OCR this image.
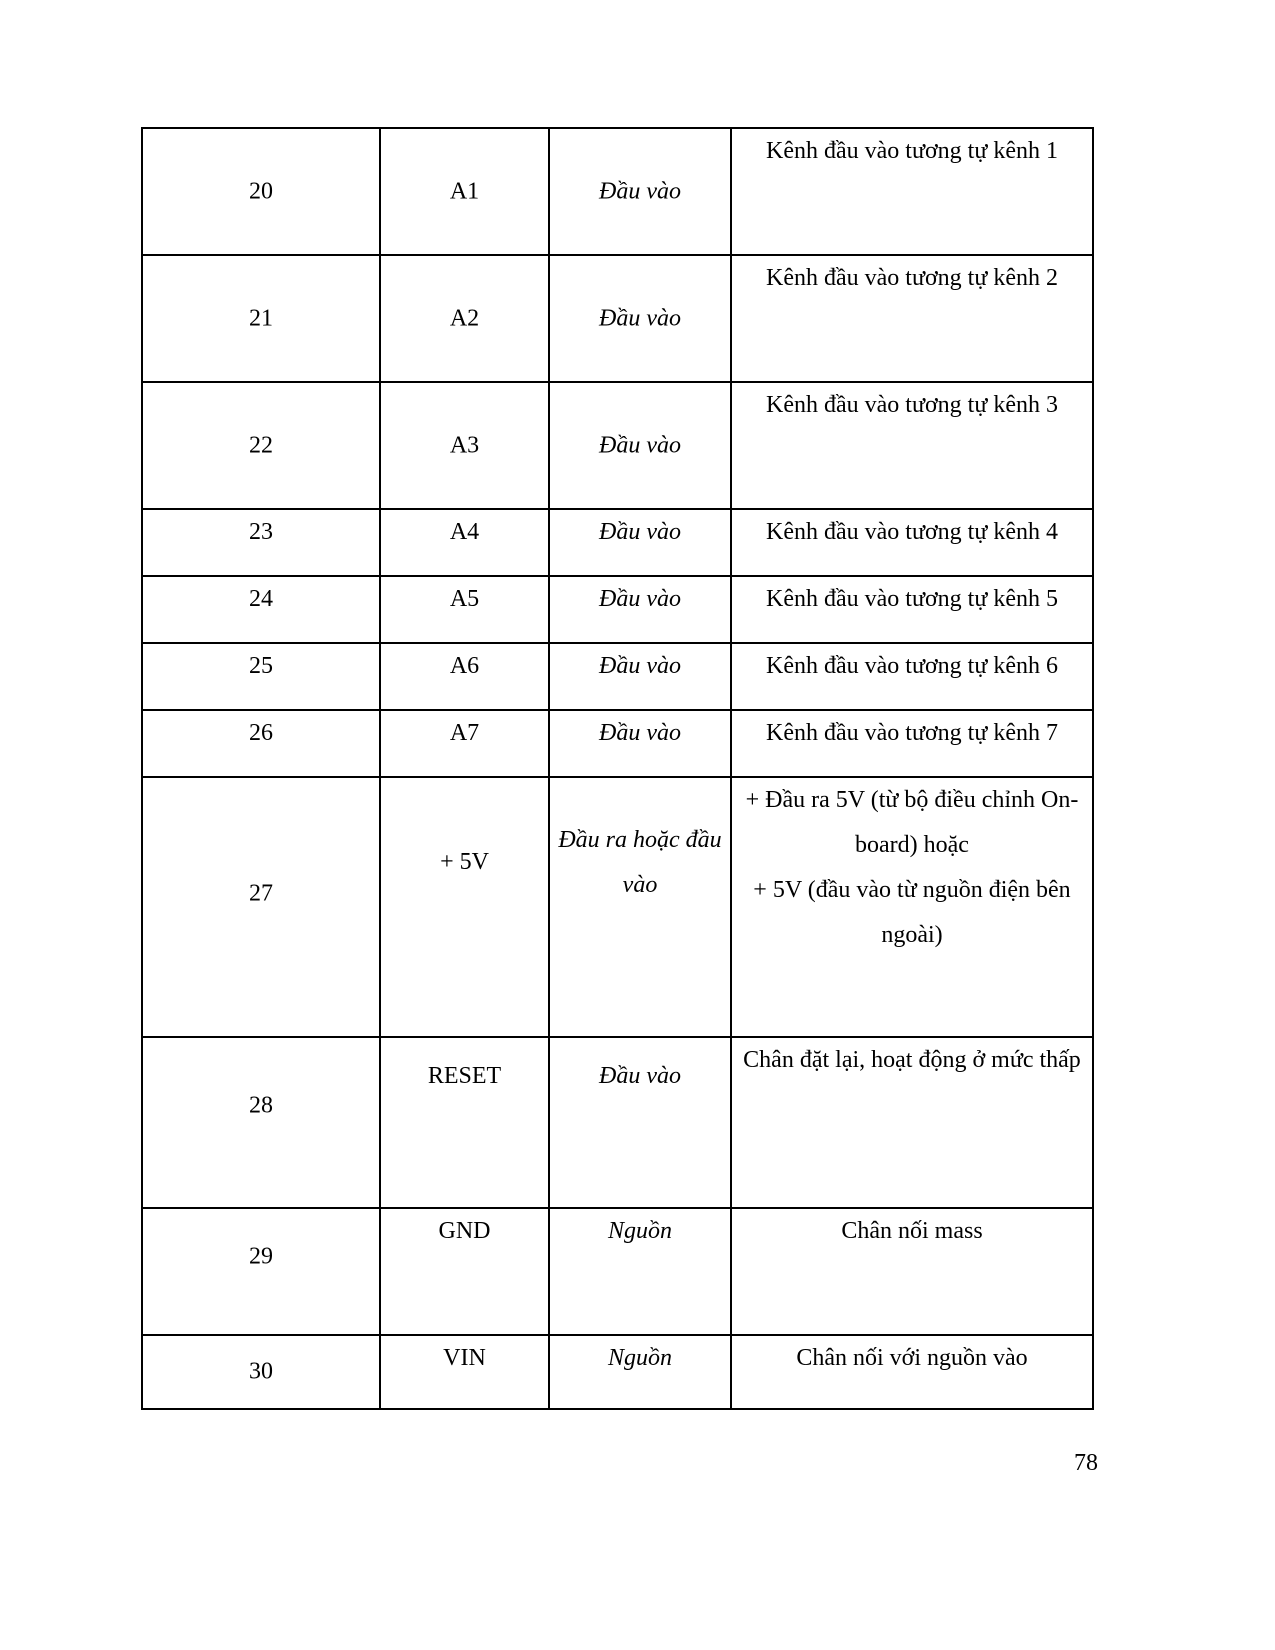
20	A1	Đầu vào	Kênh đầu vào tương tự kênh 1

21	A2	Đầu vào	Kênh đầu vào tương tự kênh 2

22	A3	Đầu vào	Kênh đầu vào tương tự kênh 3

23	A4	Đầu vào	Kênh đầu vào tương tự kênh 4

24	A5	Đầu vào	Kênh đầu vào tương tự kênh 5

25	A6	Đầu vào	Kênh đầu vào tương tự kênh 6

26	A7	Đầu vào	Kênh đầu vào tương tự kênh 7

27	+ 5V	Đầu ra hoặc đầu vào	+ Đầu ra 5V (từ bộ điều chỉnh On-board) hoặc
+ 5V (đầu vào từ nguồn điện bên ngoài)

28	RESET	Đầu vào	Chân đặt lại, hoạt động ở mức thấp

29	GND	Nguồn	Chân nối mass

30	VIN	Nguồn	Chân nối với nguồn vào
78
